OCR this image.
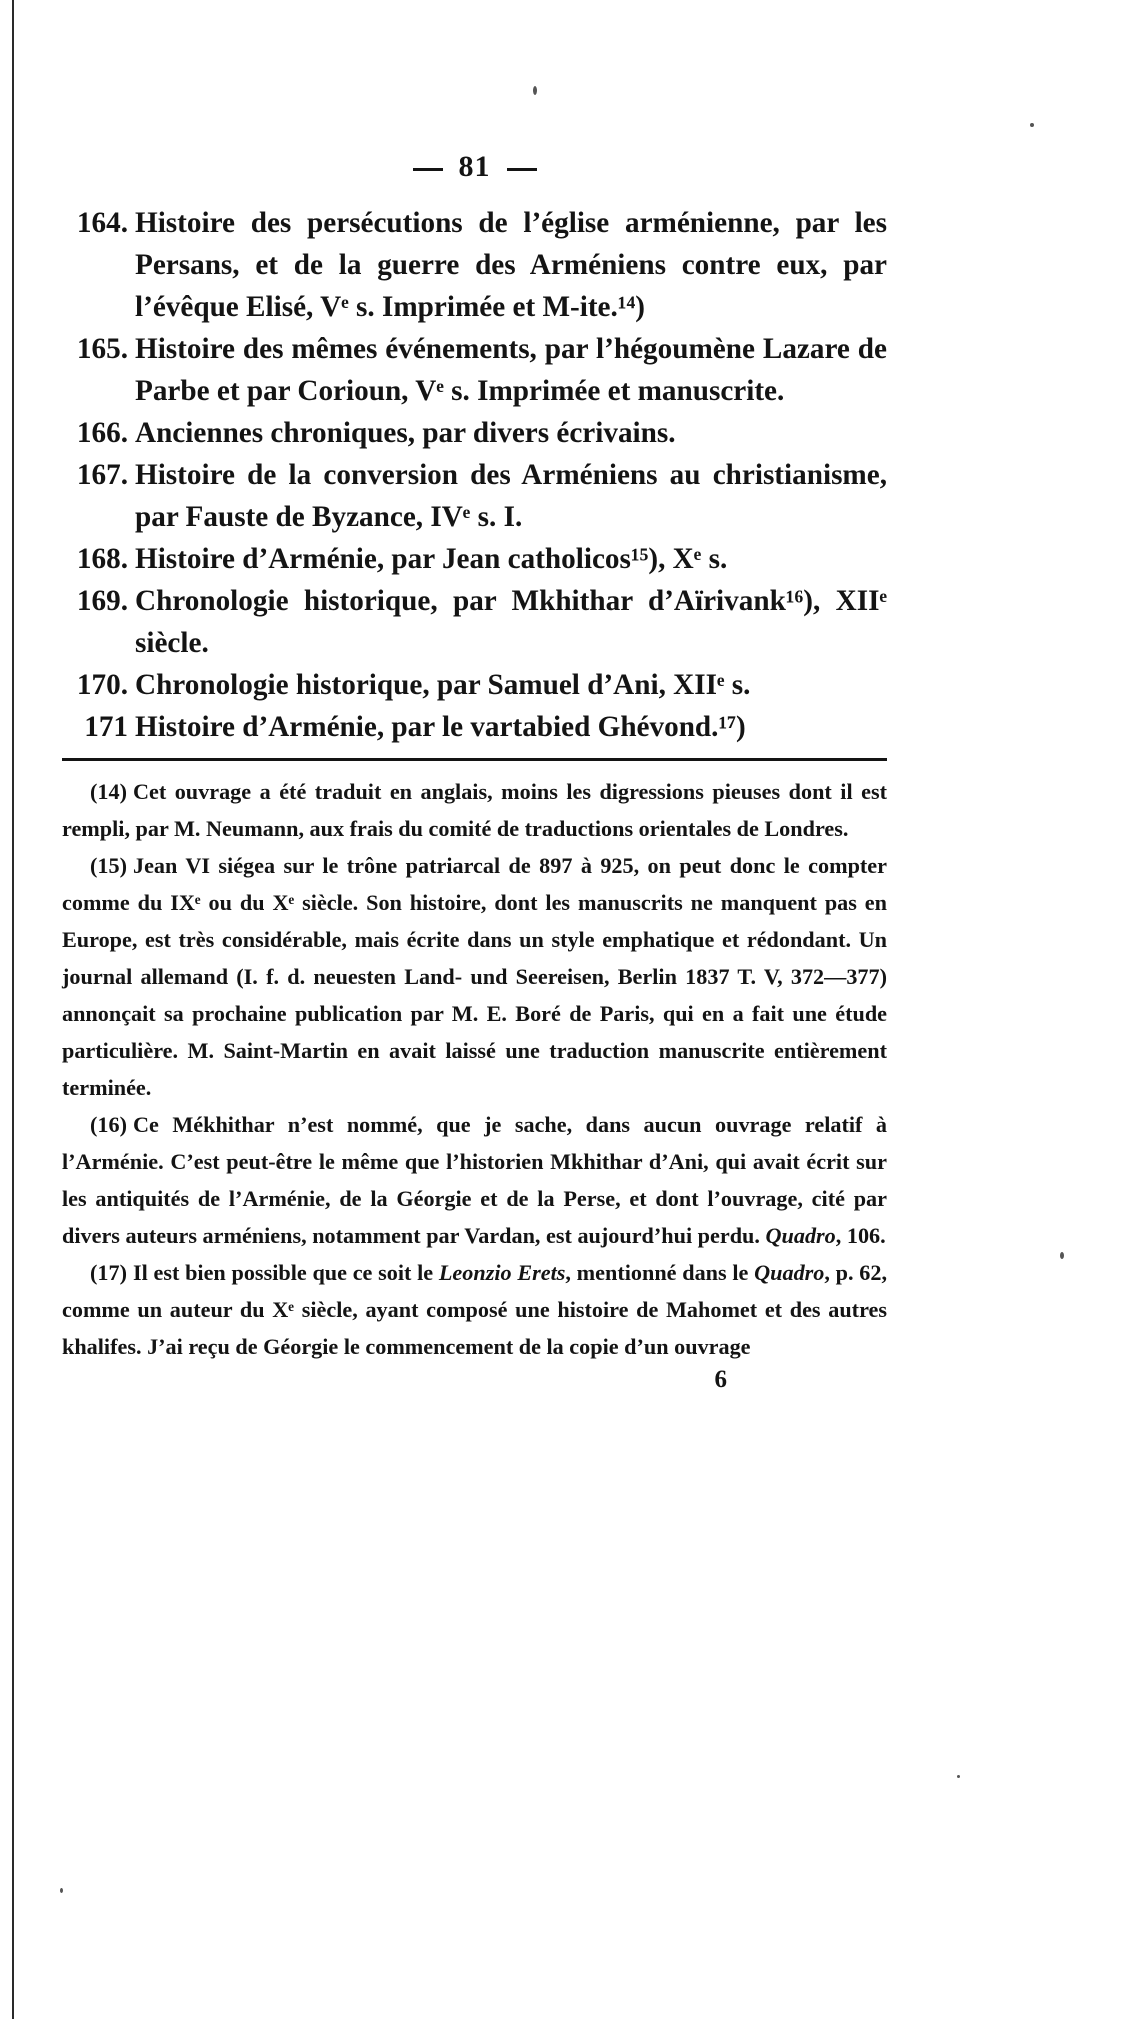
81
164. Histoire des persécutions de l’église arménienne, par les Persans, et de la guerre des Arméniens contre eux, par l’évêque Elisé, Vᵉ s. Imprimée et M-ite.¹⁴)
165. Histoire des mêmes événements, par l’hégoumène Lazare de Parbe et par Corioun, Vᵉ s. Imprimée et manuscrite.
166. Anciennes chroniques, par divers écrivains.
167. Histoire de la conversion des Arméniens au christianisme, par Fauste de Byzance, IVᵉ s. I.
168. Histoire d’Arménie, par Jean catholicos¹⁵), Xᵉ s.
169. Chronologie historique, par Mkhithar d’Aïrivank¹⁶), XIIᵉ siècle.
170. Chronologie historique, par Samuel d’Ani, XIIᵉ s.
171 Histoire d’Arménie, par le vartabied Ghévond.¹⁷)

(14) Cet ouvrage a été traduit en anglais, moins les digressions pieuses dont il est rempli, par M. Neumann, aux frais du comité de traductions orientales de Londres.

(15) Jean VI siégea sur le trône patriarcal de 897 à 925, on peut donc le compter comme du IXᵉ ou du Xᵉ siècle. Son histoire, dont les manuscrits ne manquent pas en Europe, est très considérable, mais écrite dans un style emphatique et rédondant. Un journal allemand (I. f. d. neuesten Land- und Seereisen, Berlin 1837 T. V, 372—377) annonçait sa prochaine publication par M. E. Boré de Paris, qui en a fait une étude particulière. M. Saint-Martin en avait laissé une traduction manuscrite entièrement terminée.

(16) Ce Mékhithar n’est nommé, que je sache, dans aucun ouvrage relatif à l’Arménie. C’est peut-être le même que l’historien Mkhithar d’Ani, qui avait écrit sur les antiquités de l’Arménie, de la Géorgie et de la Perse, et dont l’ouvrage, cité par divers auteurs arméniens, notamment par Vardan, est aujourd’hui perdu. Quadro, 106.

(17) Il est bien possible que ce soit le Leonzio Erets, mentionné dans le Quadro, p. 62, comme un auteur du Xᵉ siècle, ayant composé une histoire de Mahomet et des autres khalifes. J’ai reçu de Géorgie le commencement de la copie d’un ouvrage

6
